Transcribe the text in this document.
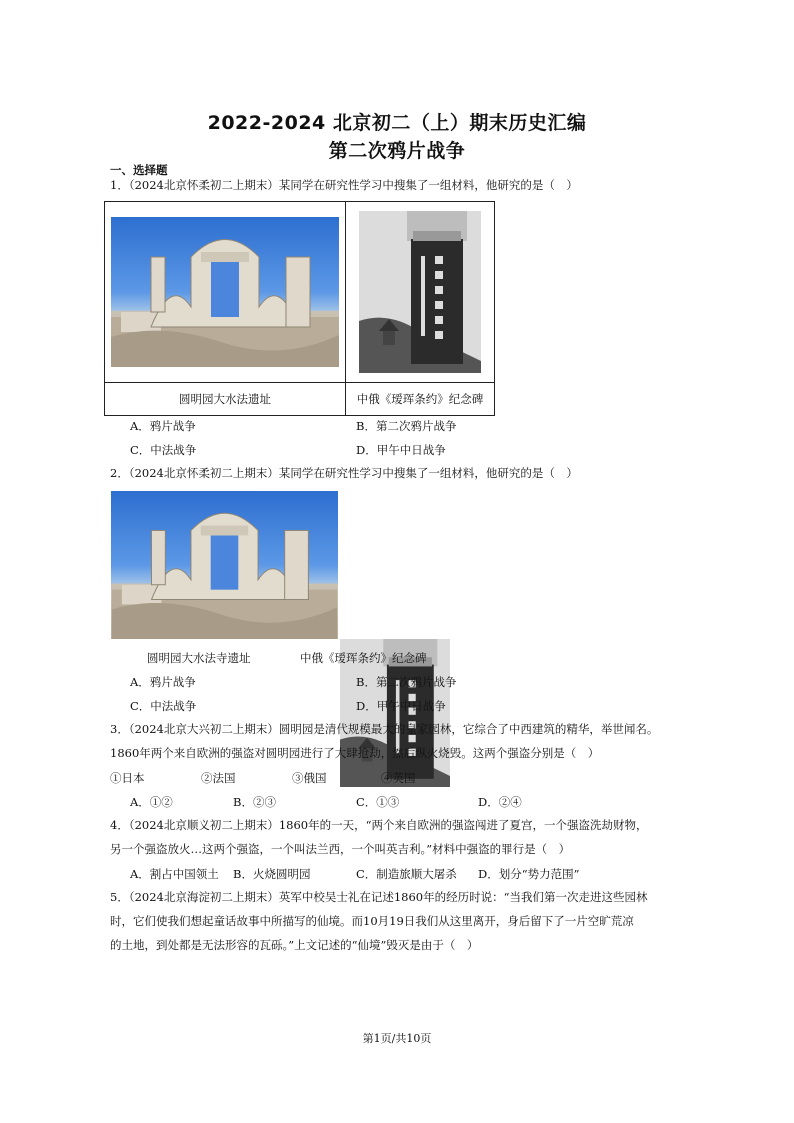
2022-2024 北京初二（上）期末历史汇编
第二次鸦片战争
一、选择题
1．（2024北京怀柔初二上期末）某同学在研究性学习中搜集了一组材料，他研究的是（　）

圆明园大水法遗址	中俄《瑷珲条约》纪念碑
A．鸦片战争	B．第二次鸦片战争
C．中法战争	D．甲午中日战争
2．（2024北京怀柔初二上期末）某同学在研究性学习中搜集了一组材料，他研究的是（　）
圆明园大水法寺遗址	中俄《瑷珲条约》纪念碑
A．鸦片战争	B．第二次鸦片战争
C．中法战争	D．甲午中日战争
3．（2024北京大兴初二上期末）圆明园是清代规模最大的皇家园林，它综合了中西建筑的精华，举世闻名。
1860年两个来自欧洲的强盗对圆明园进行了大肆抢劫，然后纵火烧毁。这两个强盗分别是（　）
①日本	②法国	③俄国	④英国
A．①②	B．②③	C．①③	D．②④
4．（2024北京顺义初二上期末）1860年的一天，“两个来自欧洲的强盗闯进了夏宫，一个强盗洗劫财物，
另一个强盗放火…这两个强盗，一个叫法兰西，一个叫英吉利。”材料中强盗的罪行是（　）
A．割占中国领土 B．火烧圆明园	C．制造旅顺大屠杀 D．划分“势力范围”
5．（2024北京海淀初二上期末）英军中校吴士礼在记述1860年的经历时说：“当我们第一次走进这些园林
时，它们使我们想起童话故事中所描写的仙境。而10月19日我们从这里离开，身后留下了一片空旷荒凉
的土地，到处都是无法形容的瓦砾。”上文记述的“仙境”毁灭是由于（　）
第1页/共10页
